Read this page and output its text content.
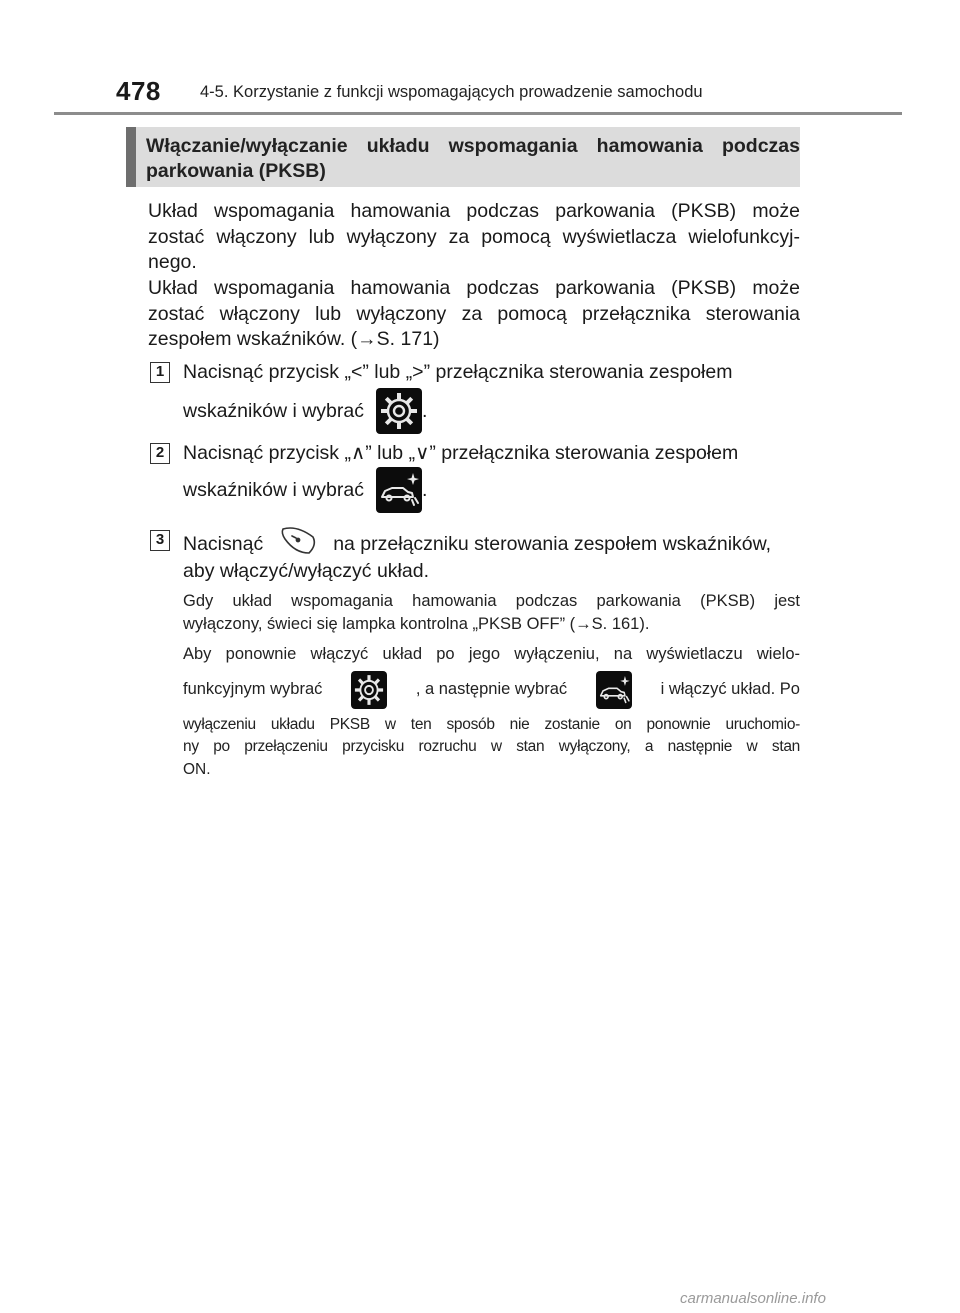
478 4-5. Korzystanie z funkcji wspomagających prowadzenie samochodu
Włączanie/wyłączanie układu wspomagania hamowania podczas
parkowania (PKSB)
Układ wspomagania hamowania podczas parkowania (PKSB) może
zostać włączony lub wyłączony za pomocą wyświetlacza wielofunkcyj-
nego.
Układ wspomagania hamowania podczas parkowania (PKSB) może
zostać włączony lub wyłączony za pomocą przełącznika sterowania
zespołem wskaźników. (→S. 171)
1 Nacisnąć przycisk „<” lub „>” przełącznika sterowania zespołem
wskaźników i wybrać	.
2 Nacisnąć przycisk „∧” lub „∨” przełącznika sterowania zespołem
wskaźników i wybrać	.
3 Nacisnąć	na przełączniku sterowania zespołem wskaźników,
aby włączyć/wyłączyć układ.
Gdy układ wspomagania hamowania podczas parkowania (PKSB) jest
wyłączony, świeci się lampka kontrolna „PKSB OFF” (→S. 161).
Aby ponownie włączyć układ po jego wyłączeniu, na wyświetlaczu wielo-
funkcyjnym wybrać	, a następnie wybrać	i włączyć układ. Po
wyłączeniu układu PKSB w ten sposób nie zostanie on ponownie uruchomio-
ny po przełączeniu przycisku rozruchu w stan wyłączony, a następnie w stan
ON.
carmanualsonline.info
